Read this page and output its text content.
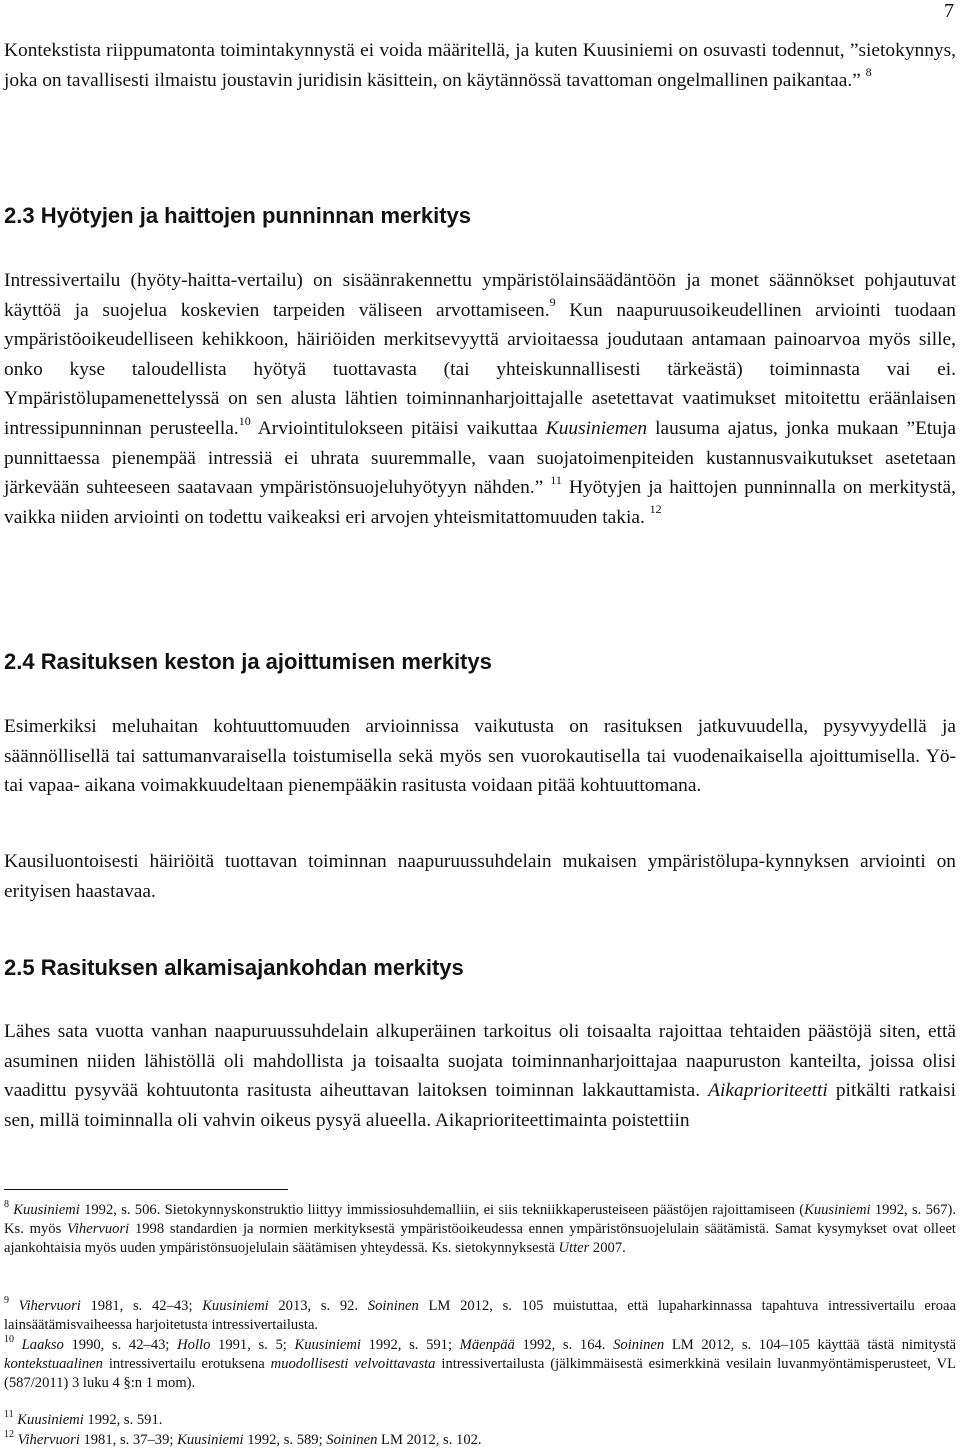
7

Kontekstista riippumatonta toimintakynnystä ei voida määritellä, ja kuten Kuusiniemi on osuvasti todennut, ”sietokynnys, joka on tavallisesti ilmaistu joustavin juridisin käsittein, on käytännössä tavattoman ongelmallinen paikantaa.” $^8$

2.3 Hyötyjen ja haittojen punninnan merkitys

Intressivertailu (hyöty-haitta-vertailu) on sisäänrakennettu ympäristölainsäädäntöön ja monet säännökset pohjautuvat käyttöä ja suojelua koskevien tarpeiden väliseen arvottamiseen.$^9$ Kun naapuruusoikeudellinen arviointi tuodaan ympäristöoikeudelliseen kehikkoon, häiriöiden merkitsevyyttä arvioitaessa joudutaan antamaan painoarvoa myös sille, onko kyse taloudellista hyötyä tuottavasta (tai yhteiskunnallisesti tärkeästä) toiminnasta vai ei. Ympäristölupamenettelyssä on sen alusta lähtien toiminnanharjoittajalle asetettavat vaatimukset mitoitettu eräänlaisen intressipunninnan perusteella.$^{10}$ Arviointitulokseen pitäisi vaikuttaa Kuusiniemen lausuma ajatus, jonka mukaan ”Etuja punnittaessa pienempää intressiä ei uhrata suuremmalle, vaan suojatoimenpiteiden kustannusvaikutukset asetetaan järkevään suhteeseen saatavaan ympäristönsuojeluhyötyyn nähden.” $^{11}$ Hyötyjen ja haittojen punninnalla on merkitystä, vaikka niiden arviointi on todettu vaikeaksi eri arvojen yhteismitattomuuden takia. $^{12}$

2.4 Rasituksen keston ja ajoittumisen merkitys

Esimerkiksi meluhaitan kohtuuttomuuden arvioinnissa vaikutusta on rasituksen jatkuvuudella, pysyvyydellä ja säännöllisellä tai sattumanvaraisella toistumisella sekä myös sen vuorokautisella tai vuodenaikaisella ajoittumisella. Yö- tai vapaa- aikana voimakkuudeltaan pienempääkin rasitusta voidaan pitää kohtuuttomana.

Kausiluontoisesti häiriöitä tuottavan toiminnan naapuruussuhdelain mukaisen ympäristölupa-kynnyksen arviointi on erityisen haastavaa.

2.5 Rasituksen alkamisajankohdan merkitys

Lähes sata vuotta vanhan naapuruussuhdelain alkuperäinen tarkoitus oli toisaalta rajoittaa tehtaiden päästöjä siten, että asuminen niiden lähistöllä oli mahdollista ja toisaalta suojata toiminnanharjoittajaa naapuruston kanteilta, joissa olisi vaadittu pysyvää kohtuutonta rasitusta aiheuttavan laitoksen toiminnan lakkauttamista. Aikaprioriteetti pitkälti ratkaisi sen, millä toiminnalla oli vahvin oikeus pysyä alueella. Aikaprioriteettimainta poistettiin

$^8$ Kuusiniemi 1992, s. 506. Sietokynnyskonstruktio liittyy immissiosuhdemalliin, ei siis tekniikkaperusteiseen päästöjen rajoittamiseen (Kuusiniemi 1992, s. 567). Ks. myös Vihervuori 1998 standardien ja normien merkityksestä ympäristöoikeudessa ennen ympäristönsuojelulain säätämistä. Samat kysymykset ovat olleet ajankohtaisia myös uuden ympäristönsuojelulain säätämisen yhteydessä. Ks. sietokynnyksestä Utter 2007.
$^9$ Vihervuori 1981, s. 42–43; Kuusiniemi 2013, s. 92. Soininen LM 2012, s. 105 muistuttaa, että lupaharkinnassa tapahtuva intressivertailu eroaa lainsäätämisvaiheessa harjoitetusta intressivertailusta.
$^{10}$ Laakso 1990, s. 42–43; Hollo 1991, s. 5; Kuusiniemi 1992, s. 591; Mäenpää 1992, s. 164. Soininen LM 2012, s. 104–105 käyttää tästä nimitystä kontekstuaalinen intressivertailu erotuksena muodollisesti velvoittavasta intressivertailusta (jälkimmäisestä esimerkkinä vesilain luvanmyöntämisperusteet, VL (587/2011) 3 luku 4 §:n 1 mom).
$^{11}$ Kuusiniemi 1992, s. 591.
$^{12}$ Vihervuori 1981, s. 37–39; Kuusiniemi 1992, s. 589; Soininen LM 2012, s. 102.
